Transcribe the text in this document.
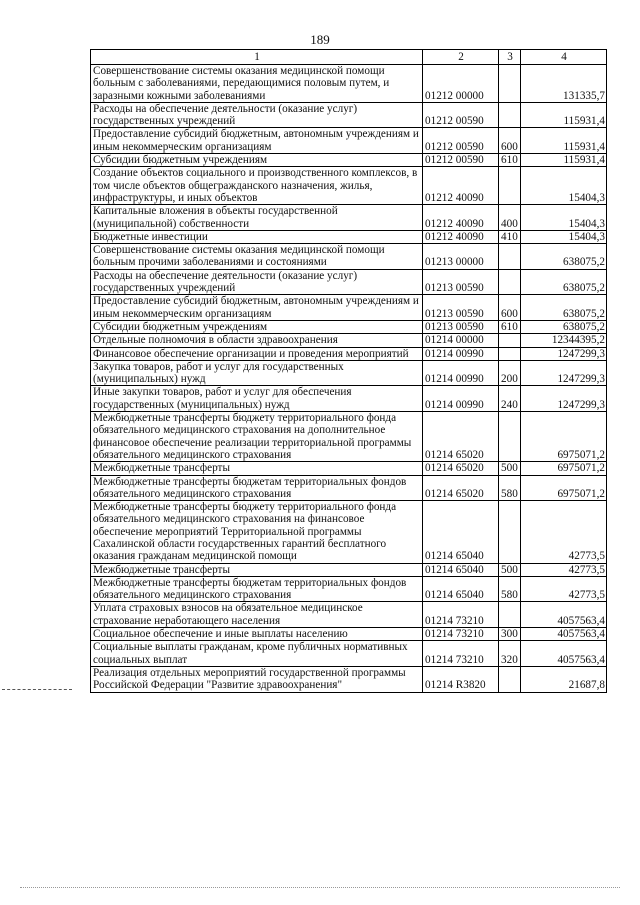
189
1	2	3	4
Совершенствование системы оказания медицинской помощи больным с заболеваниями, передающимися половым путем, и заразными кожными заболеваниями	01212 00000		131335,7
Расходы на обеспечение деятельности (оказание услуг) государственных учреждений	01212 00590		115931,4
Предоставление субсидий бюджетным, автономным учреждениям и иным некоммерческим организациям	01212 00590	600	115931,4
Субсидии бюджетным учреждениям	01212 00590	610	115931,4
Создание объектов социального и производственного комплексов, в том числе объектов общегражданского назначения, жилья, инфраструктуры, и иных объектов	01212 40090		15404,3
Капитальные вложения в объекты государственной (муниципальной) собственности	01212 40090	400	15404,3
Бюджетные инвестиции	01212 40090	410	15404,3
Совершенствование системы оказания медицинской помощи больным прочими заболеваниями и состояниями	01213 00000		638075,2
Расходы на обеспечение деятельности (оказание услуг) государственных учреждений	01213 00590		638075,2
Предоставление субсидий бюджетным, автономным учреждениям и иным некоммерческим организациям	01213 00590	600	638075,2
Субсидии бюджетным учреждениям	01213 00590	610	638075,2
Отдельные полномочия в области здравоохранения	01214 00000		12344395,2
Финансовое обеспечение организации и проведения мероприятий	01214 00990		1247299,3
Закупка товаров, работ и услуг для государственных (муниципальных) нужд	01214 00990	200	1247299,3
Иные закупки товаров, работ и услуг для обеспечения государственных (муниципальных) нужд	01214 00990	240	1247299,3
Межбюджетные трансферты бюджету территориального фонда обязательного медицинского страхования на дополнительное финансовое обеспечение реализации территориальной программы обязательного медицинского страхования	01214 65020		6975071,2
Межбюджетные трансферты	01214 65020	500	6975071,2
Межбюджетные трансферты бюджетам территориальных фондов обязательного медицинского страхования	01214 65020	580	6975071,2
Межбюджетные трансферты бюджету территориального фонда обязательного медицинского страхования на финансовое обеспечение мероприятий Территориальной программы Сахалинской области государственных гарантий бесплатного оказания гражданам медицинской помощи	01214 65040		42773,5
Межбюджетные трансферты	01214 65040	500	42773,5
Межбюджетные трансферты бюджетам территориальных фондов обязательного медицинского страхования	01214 65040	580	42773,5
Уплата страховых взносов на обязательное медицинское страхование неработающего населения	01214 73210		4057563,4
Социальное обеспечение и иные выплаты населению	01214 73210	300	4057563,4
Социальные выплаты гражданам, кроме публичных нормативных социальных выплат	01214 73210	320	4057563,4
Реализация отдельных мероприятий государственной программы Российской Федерации "Развитие здравоохранения"	01214 R3820		21687,8
